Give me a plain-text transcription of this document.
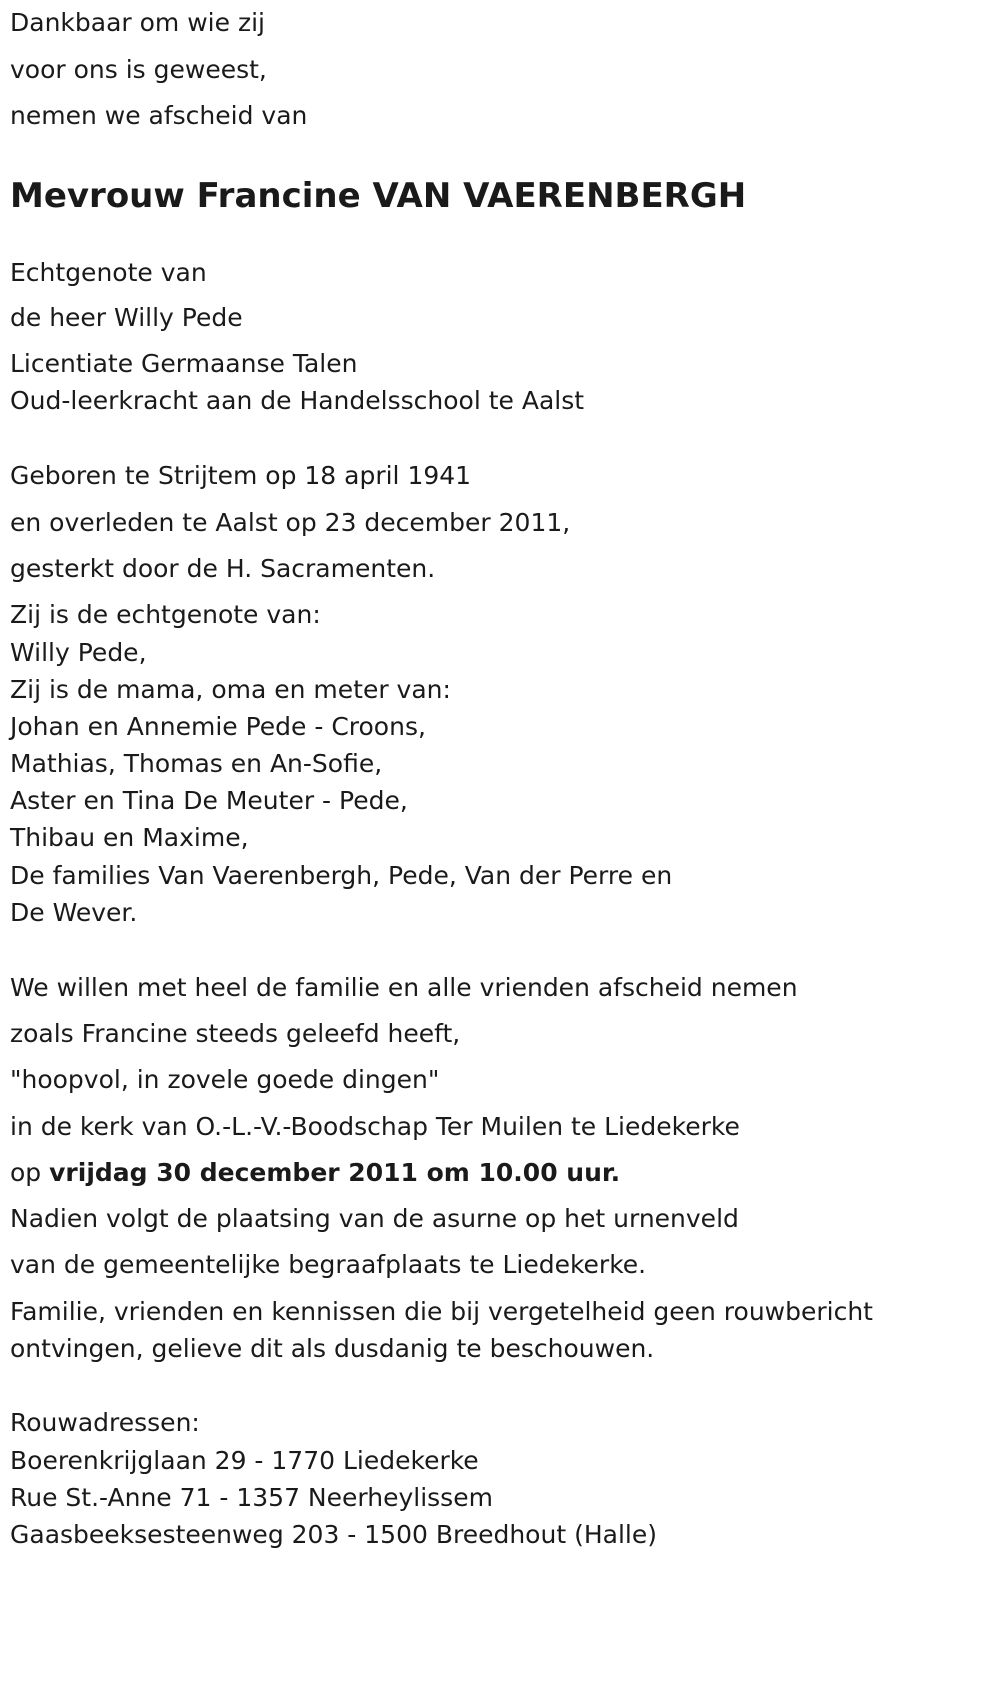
Dankbaar om wie zij
voor ons is geweest,
nemen we afscheid van
Mevrouw Francine VAN VAERENBERGH
Echtgenote van
de heer Willy Pede
Licentiate Germaanse Talen
Oud-leerkracht aan de Handelsschool te Aalst
Geboren te Strijtem op 18 april 1941
en overleden te Aalst op 23 december 2011,
gesterkt door de H. Sacramenten.
Zij is de echtgenote van:
Willy Pede,
Zij is de mama, oma en meter van:
Johan en Annemie Pede - Croons,
Mathias, Thomas en An-Sofie,
Aster en Tina De Meuter - Pede,
Thibau en Maxime,
De families Van Vaerenbergh, Pede, Van der Perre en
De Wever.
We willen met heel de familie en alle vrienden afscheid nemen
zoals Francine steeds geleefd heeft,
"hoopvol, in zovele goede dingen"
in de kerk van O.-L.-V.-Boodschap Ter Muilen te Liedekerke
op vrijdag 30 december 2011 om 10.00 uur.
Nadien volgt de plaatsing van de asurne op het urnenveld
van de gemeentelijke begraafplaats te Liedekerke.
Familie, vrienden en kennissen die bij vergetelheid geen rouwbericht
ontvingen, gelieve dit als dusdanig te beschouwen.
Rouwadressen:
Boerenkrijglaan 29 - 1770 Liedekerke
Rue St.-Anne 71 - 1357 Neerheylissem
Gaasbeeksesteenweg 203 - 1500 Breedhout (Halle)
